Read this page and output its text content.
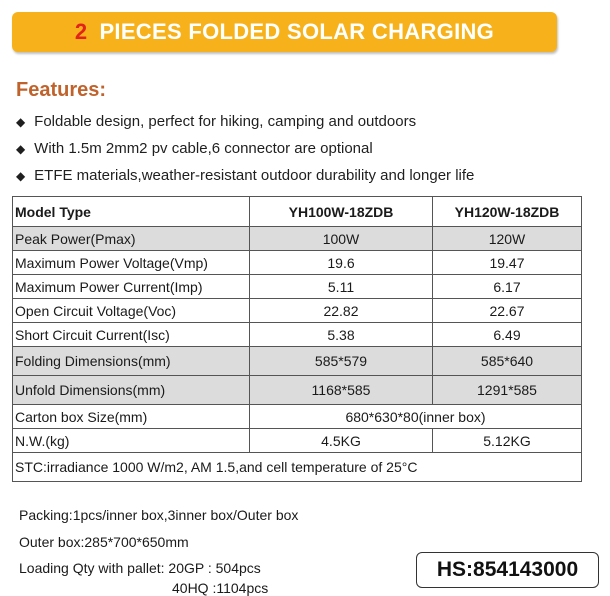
2 PIECES FOLDED SOLAR CHARGING
Features:
◆ Foldable design, perfect for hiking, camping and outdoors
◆ With 1.5m 2mm2 pv cable,6 connector are optional
◆ ETFE materials,weather-resistant outdoor durability and longer life
Model Type	YH100W-18ZDB	YH120W-18ZDB
Peak Power(Pmax)	100W	120W
Maximum Power Voltage(Vmp)	19.6	19.47
Maximum Power Current(Imp)	5.11	6.17
Open Circuit Voltage(Voc)	22.82	22.67
Short Circuit Current(Isc)	5.38	6.49
Folding Dimensions(mm)	585*579	585*640
Unfold Dimensions(mm)	1168*585	1291*585
Carton box Size(mm)	680*630*80(inner box)	
N.W.(kg)	4.5KG	5.12KG
STC:irradiance 1000 W/m2, AM 1.5,and cell temperature of 25°C		
Packing:1pcs/inner box,3inner box/Outer box
Outer box:285*700*650mm
Loading Qty with pallet: 20GP : 504pcs
40HQ :1104pcs
HS:854143000
